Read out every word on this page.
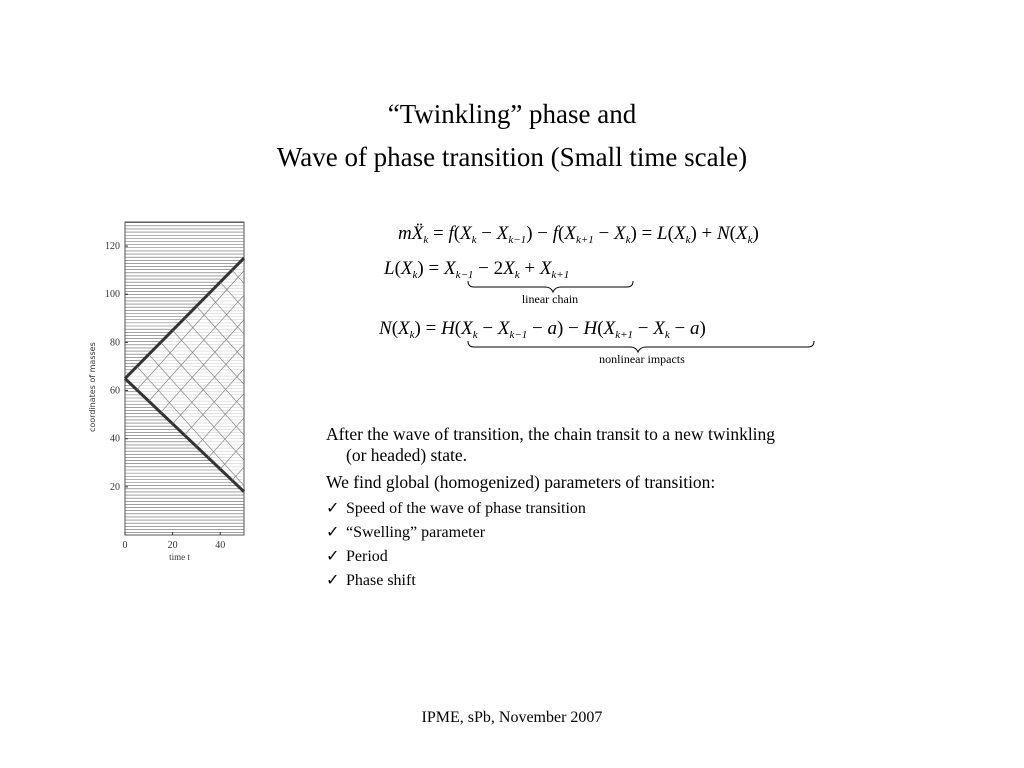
“Twinkling” phase and
Wave of phase transition (Small time scale)
120
100
80
60
40
20
0	20	40
time t
coordinates of masses
mẌ$_k$ = $f(X_k - X_{k-1}) - f(X_{k+1} - X_k) = L(X_k) + N(X_k)$
$L(X_k) = X_{k-1} - 2X_k + X_{k+1}$
$N(X_k) = H(X_k - X_{k-1} - a) - H(X_{k+1} - X_k - a)$
linear chain
nonlinear impacts
After the wave of transition, the chain transit to a new twinkling
(or headed) state.
We find global (homogenized) parameters of transition:
✓ Speed of the wave of phase transition
✓ “Swelling” parameter
✓ Period
✓ Phase shift
IPME, sPb, November 2007
